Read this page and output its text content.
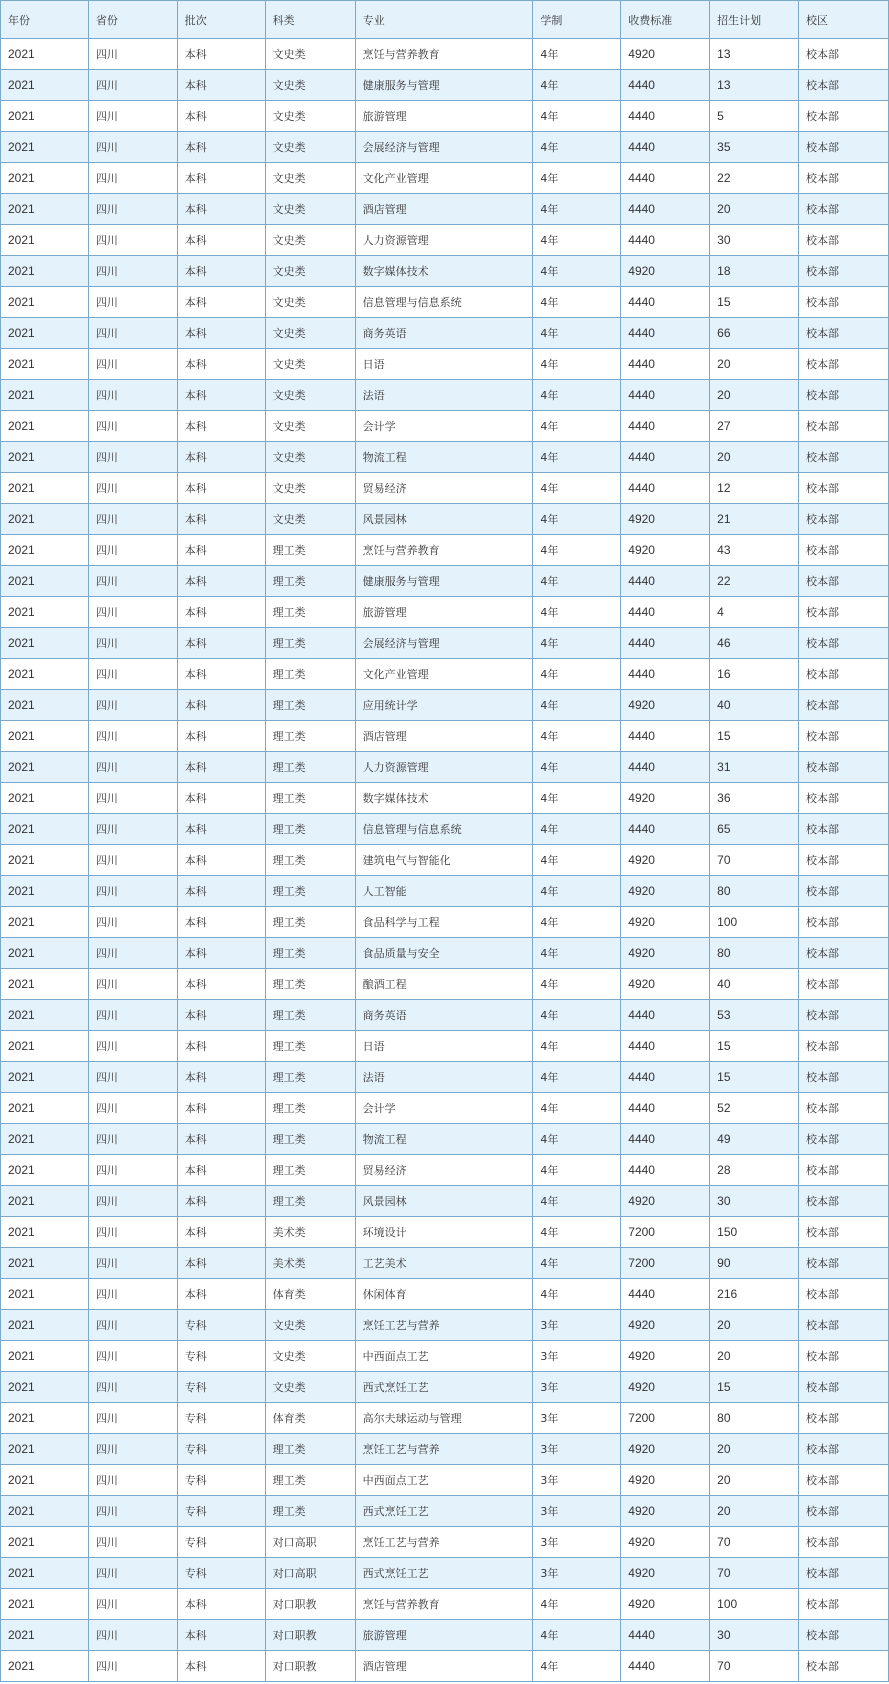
年份	省份	批次	科类	专业	学制	收费标准	招生计划	校区
2021	四川	本科	文史类	烹饪与营养教育	4年	4920	13	校本部
2021	四川	本科	文史类	健康服务与管理	4年	4440	13	校本部
2021	四川	本科	文史类	旅游管理	4年	4440	5	校本部
2021	四川	本科	文史类	会展经济与管理	4年	4440	35	校本部
2021	四川	本科	文史类	文化产业管理	4年	4440	22	校本部
2021	四川	本科	文史类	酒店管理	4年	4440	20	校本部
2021	四川	本科	文史类	人力资源管理	4年	4440	30	校本部
2021	四川	本科	文史类	数字媒体技术	4年	4920	18	校本部
2021	四川	本科	文史类	信息管理与信息系统	4年	4440	15	校本部
2021	四川	本科	文史类	商务英语	4年	4440	66	校本部
2021	四川	本科	文史类	日语	4年	4440	20	校本部
2021	四川	本科	文史类	法语	4年	4440	20	校本部
2021	四川	本科	文史类	会计学	4年	4440	27	校本部
2021	四川	本科	文史类	物流工程	4年	4440	20	校本部
2021	四川	本科	文史类	贸易经济	4年	4440	12	校本部
2021	四川	本科	文史类	风景园林	4年	4920	21	校本部
2021	四川	本科	理工类	烹饪与营养教育	4年	4920	43	校本部
2021	四川	本科	理工类	健康服务与管理	4年	4440	22	校本部
2021	四川	本科	理工类	旅游管理	4年	4440	4	校本部
2021	四川	本科	理工类	会展经济与管理	4年	4440	46	校本部
2021	四川	本科	理工类	文化产业管理	4年	4440	16	校本部
2021	四川	本科	理工类	应用统计学	4年	4920	40	校本部
2021	四川	本科	理工类	酒店管理	4年	4440	15	校本部
2021	四川	本科	理工类	人力资源管理	4年	4440	31	校本部
2021	四川	本科	理工类	数字媒体技术	4年	4920	36	校本部
2021	四川	本科	理工类	信息管理与信息系统	4年	4440	65	校本部
2021	四川	本科	理工类	建筑电气与智能化	4年	4920	70	校本部
2021	四川	本科	理工类	人工智能	4年	4920	80	校本部
2021	四川	本科	理工类	食品科学与工程	4年	4920	100	校本部
2021	四川	本科	理工类	食品质量与安全	4年	4920	80	校本部
2021	四川	本科	理工类	酿酒工程	4年	4920	40	校本部
2021	四川	本科	理工类	商务英语	4年	4440	53	校本部
2021	四川	本科	理工类	日语	4年	4440	15	校本部
2021	四川	本科	理工类	法语	4年	4440	15	校本部
2021	四川	本科	理工类	会计学	4年	4440	52	校本部
2021	四川	本科	理工类	物流工程	4年	4440	49	校本部
2021	四川	本科	理工类	贸易经济	4年	4440	28	校本部
2021	四川	本科	理工类	风景园林	4年	4920	30	校本部
2021	四川	本科	美术类	环境设计	4年	7200	150	校本部
2021	四川	本科	美术类	工艺美术	4年	7200	90	校本部
2021	四川	本科	体育类	休闲体育	4年	4440	216	校本部
2021	四川	专科	文史类	烹饪工艺与营养	3年	4920	20	校本部
2021	四川	专科	文史类	中西面点工艺	3年	4920	20	校本部
2021	四川	专科	文史类	西式烹饪工艺	3年	4920	15	校本部
2021	四川	专科	体育类	高尔夫球运动与管理	3年	7200	80	校本部
2021	四川	专科	理工类	烹饪工艺与营养	3年	4920	20	校本部
2021	四川	专科	理工类	中西面点工艺	3年	4920	20	校本部
2021	四川	专科	理工类	西式烹饪工艺	3年	4920	20	校本部
2021	四川	专科	对口高职	烹饪工艺与营养	3年	4920	70	校本部
2021	四川	专科	对口高职	西式烹饪工艺	3年	4920	70	校本部
2021	四川	本科	对口职教	烹饪与营养教育	4年	4920	100	校本部
2021	四川	本科	对口职教	旅游管理	4年	4440	30	校本部
2021	四川	本科	对口职教	酒店管理	4年	4440	70	校本部
